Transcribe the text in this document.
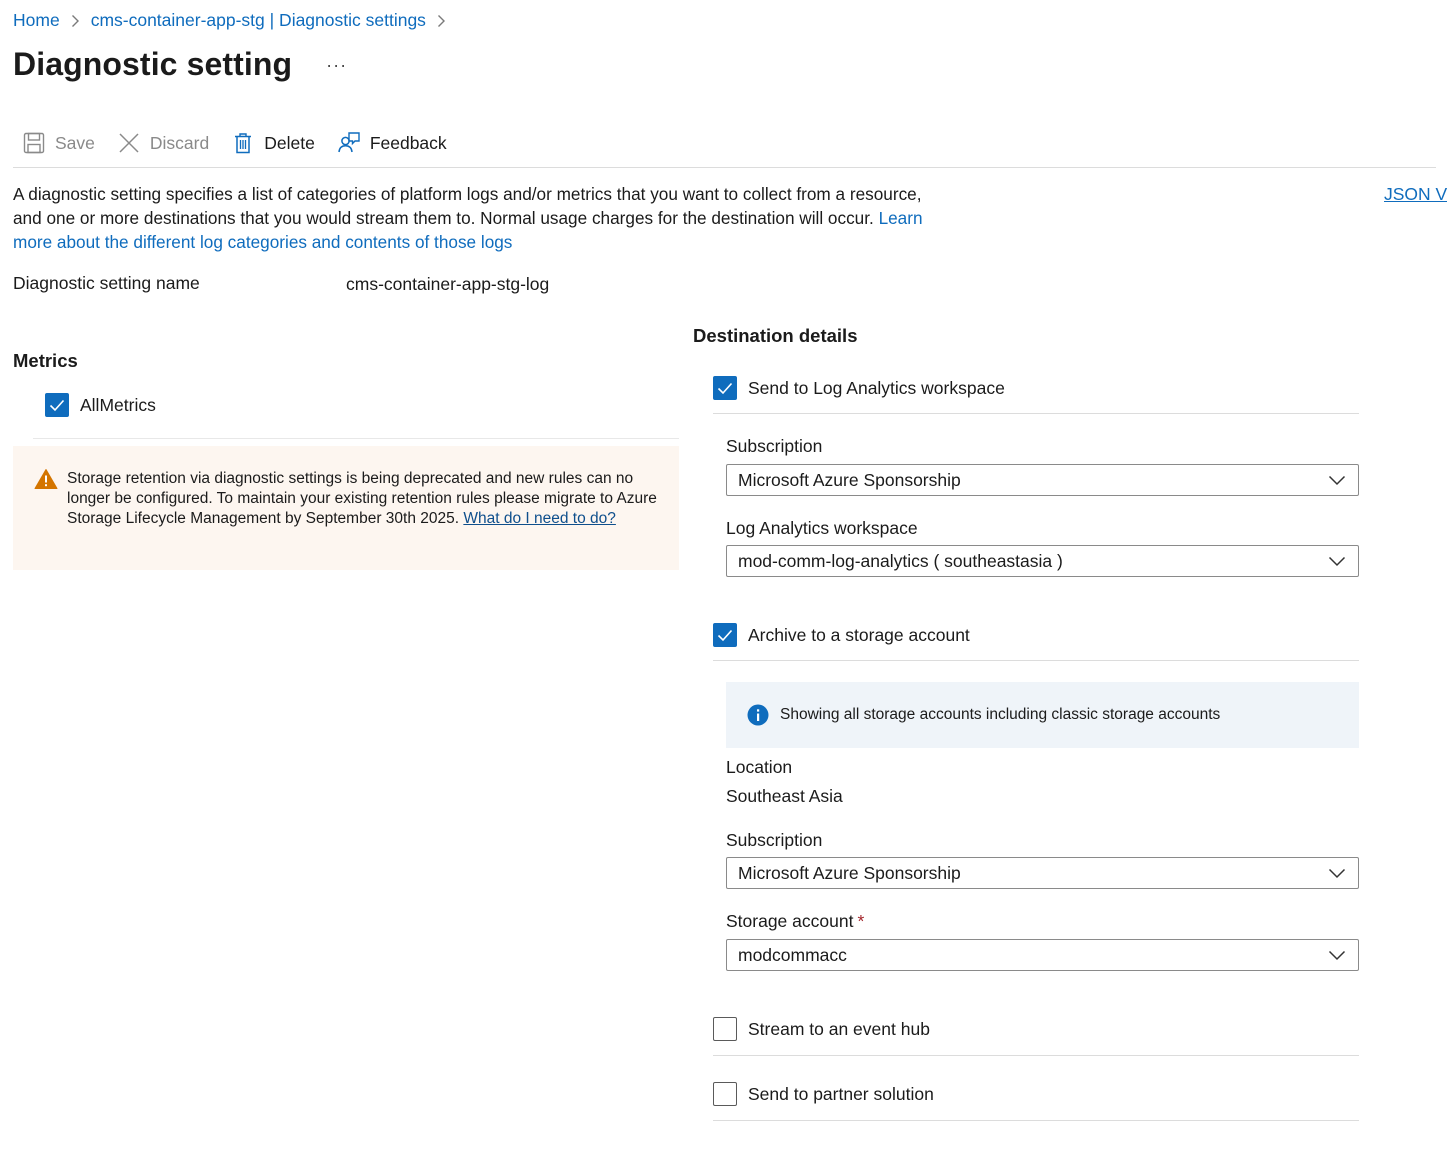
Home cms-container-app-stg | Diagnostic settings
Diagnostic setting ···
Save	Discard	Delete	Feedback

A diagnostic setting specifies a list of categories of platform logs and/or metrics that you want to collect from a resource, and one or more destinations that you would stream them to. Normal usage charges for the destination will occur. Learn more about the different log categories and contents of those logs

JSON V
Diagnostic setting name	cms-container-app-stg-log
Metrics
AllMetrics

Storage retention via diagnostic settings is being deprecated and new rules can no longer be configured. To maintain your existing retention rules please migrate to Azure Storage Lifecycle Management by September 30th 2025. What do I need to do?

Destination details
Send to Log Analytics workspace
Subscription
Microsoft Azure Sponsorship
Log Analytics workspace
mod-comm-log-analytics ( southeastasia )
Archive to a storage account
Showing all storage accounts including classic storage accounts
Location
Southeast Asia
Subscription
Microsoft Azure Sponsorship
Storage account *
modcommacc
Stream to an event hub
Send to partner solution
